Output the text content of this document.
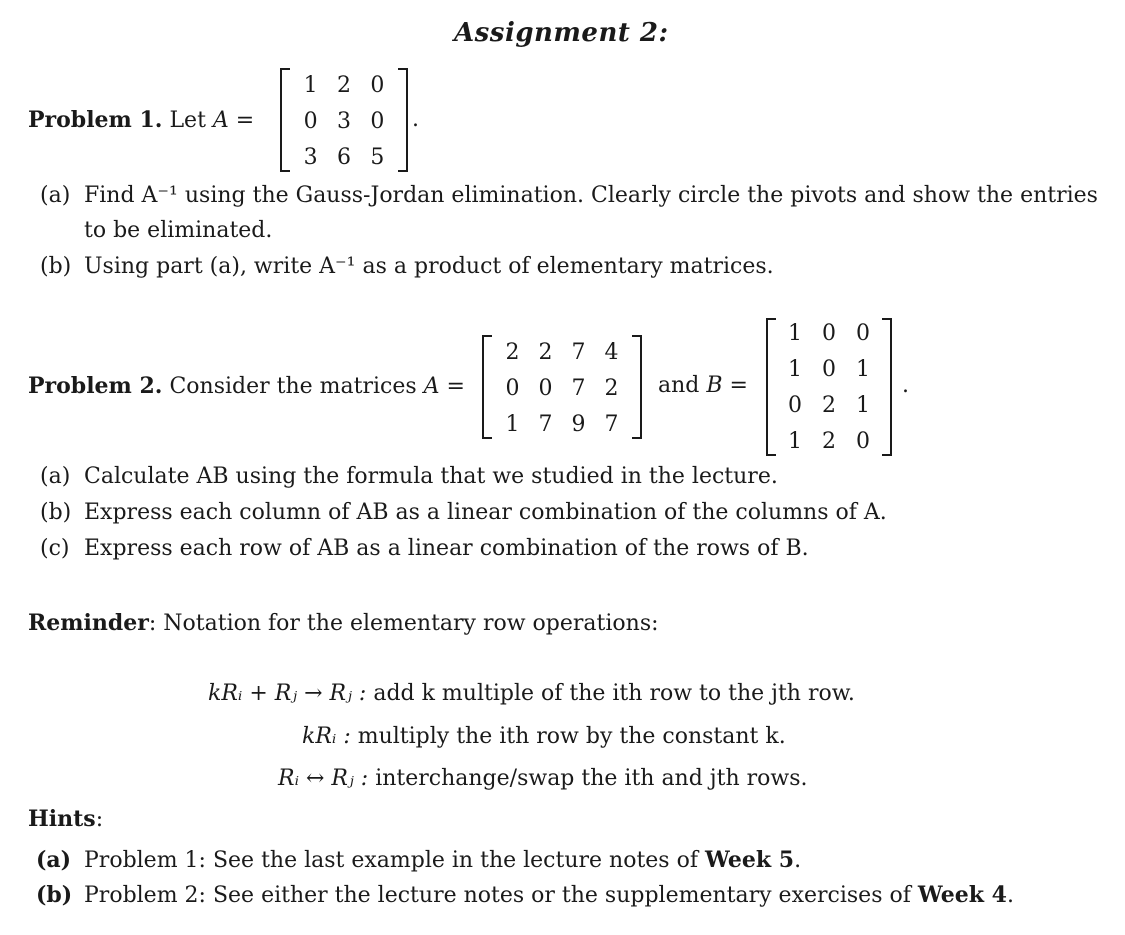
Assignment 2:
Problem 1. Let A =
1 2 0
0 3 0
3 6 5
.
(a) Find A⁻¹ using the Gauss-Jordan elimination. Clearly circle the pivots and show the entries
to be eliminated.
(b) Using part (a), write A⁻¹ as a product of elementary matrices.
Problem 2. Consider the matrices A =
2 2 7 4
0 0 7 2
1 7 9 7
and B =
1 0 0
1 0 1
0 2 1
1 2 0
.
(a) Calculate AB using the formula that we studied in the lecture.
(b) Express each column of AB as a linear combination of the columns of A.
(c) Express each row of AB as a linear combination of the rows of B.
Reminder: Notation for the elementary row operations:
kRᵢ + Rⱼ → Rⱼ : add k multiple of the ith row to the jth row.
kRᵢ : multiply the ith row by the constant k.
Rᵢ ↔ Rⱼ : interchange/swap the ith and jth rows.
Hints:
(a) Problem 1: See the last example in the lecture notes of Week 5.
(b) Problem 2: See either the lecture notes or the supplementary exercises of Week 4.
